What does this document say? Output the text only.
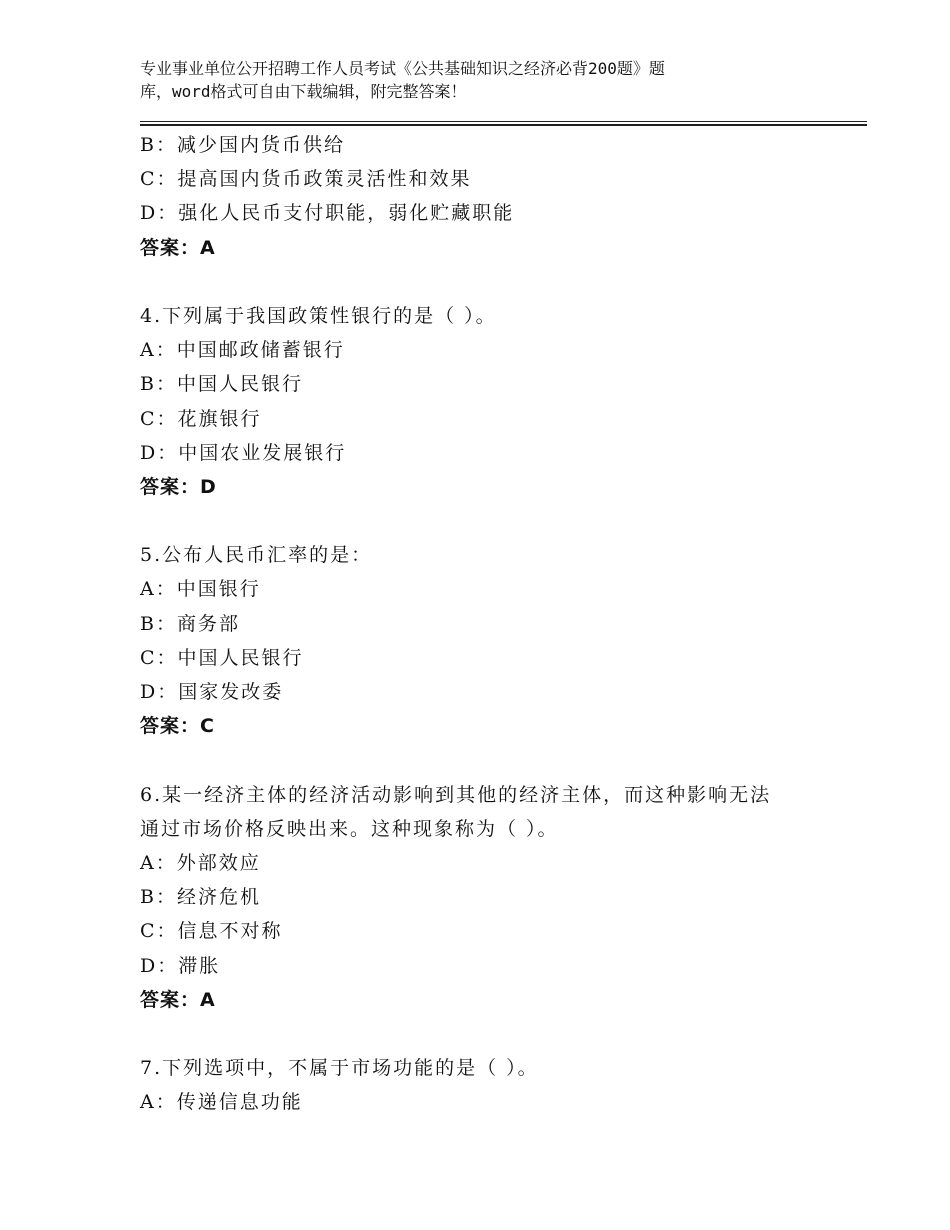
专业事业单位公开招聘工作人员考试《公共基础知识之经济必背200题》题
库，word格式可自由下载编辑，附完整答案！
B：减少国内货币供给
C：提高国内货币政策灵活性和效果
D：强化人民币支付职能，弱化贮藏职能
答案：A
4.下列属于我国政策性银行的是（ ）。
A：中国邮政储蓄银行
B：中国人民银行
C：花旗银行
D：中国农业发展银行
答案：D
5.公布人民币汇率的是：
A：中国银行
B：商务部
C：中国人民银行
D：国家发改委
答案：C
6.某一经济主体的经济活动影响到其他的经济主体，而这种影响无法
通过市场价格反映出来。这种现象称为（ ）。
A：外部效应
B：经济危机
C：信息不对称
D：滞胀
答案：A
7.下列选项中，不属于市场功能的是（ ）。
A：传递信息功能
